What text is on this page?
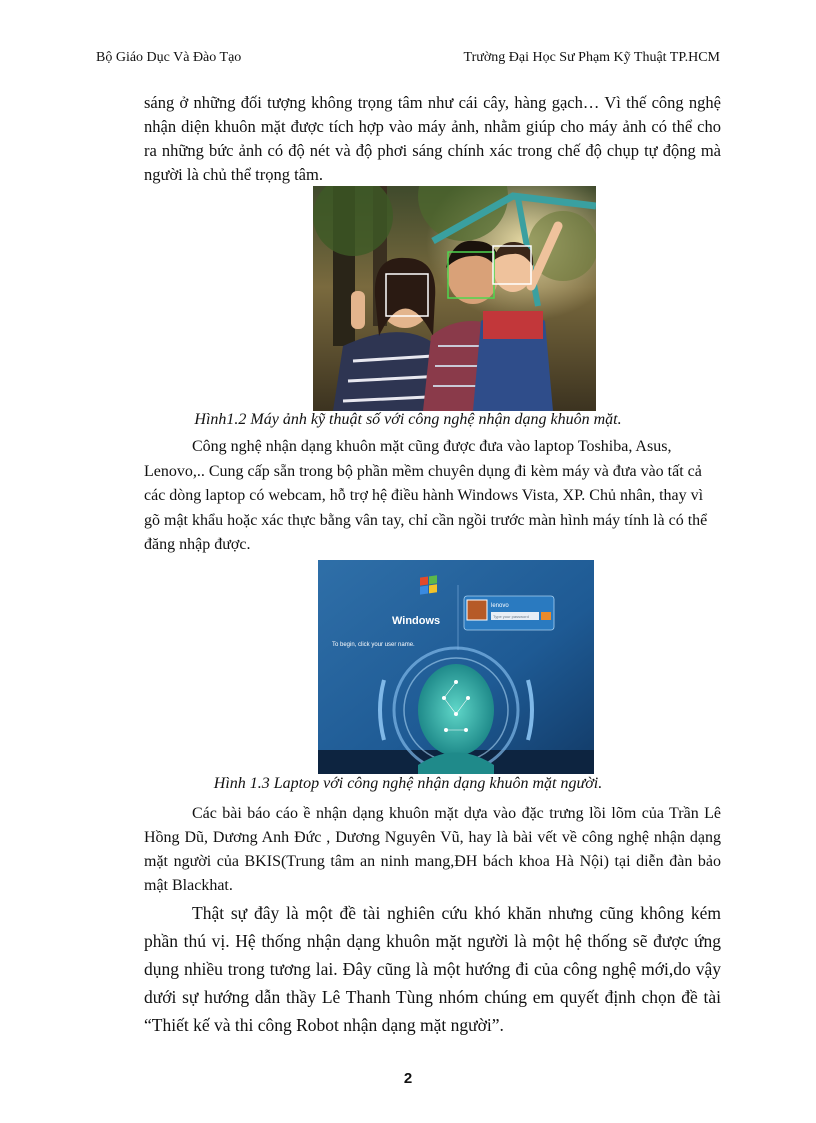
Bộ Giáo Dục Và Đào Tạo	Trường Đại Học Sư Phạm Kỹ Thuật TP.HCM

sáng ở những đối tượng không trọng tâm như cái cây, hàng gạch… Vì thế công nghệ nhận diện khuôn mặt được tích hợp vào máy ảnh, nhằm giúp cho máy ảnh có thể cho ra những bức ảnh có độ nét và độ phơi sáng chính xác trong chế độ chụp tự động mà người là chủ thể trọng tâm.

Hình1.2 Máy ảnh kỹ thuật số với công nghệ nhận dạng khuôn mặt.

Công nghệ nhận dạng khuôn mặt cũng được đưa vào laptop Toshiba, Asus, Lenovo,.. Cung cấp sẵn trong bộ phần mềm chuyên dụng đi kèm máy và đưa vào tất cả các dòng laptop có webcam, hỗ trợ hệ điều hành Windows Vista, XP. Chủ nhân, thay vì gõ mật khẩu hoặc xác thực bằng vân tay, chỉ cần ngồi trước màn hình máy tính là có thể đăng nhập được.

Windows
To begin, click your user name.
lenovo
Type your password

Hình 1.3 Laptop với công nghệ nhận dạng khuôn mặt người.

Các bài báo cáo ề nhận dạng khuôn mặt dựa vào đặc trưng lồi lõm của Trần Lê Hồng Dũ, Dương Anh Đức , Dương Nguyên Vũ, hay là bài vết về công nghệ nhận dạng mặt người của BKIS(Trung tâm an ninh mang,ĐH bách khoa Hà Nội) tại diễn đàn bảo mật Blackhat.

Thật sự đây là một đề tài nghiên cứu khó khăn nhưng cũng không kém phần thú vị. Hệ thống nhận dạng khuôn mặt người là một hệ thống sẽ được ứng dụng nhiều trong tương lai. Đây cũng là một hướng đi của công nghệ mới,do vậy dưới sự hướng dẫn thầy Lê Thanh Tùng nhóm chúng em quyết định chọn đề tài “Thiết kế và thi công Robot nhận dạng mặt người”.

2
